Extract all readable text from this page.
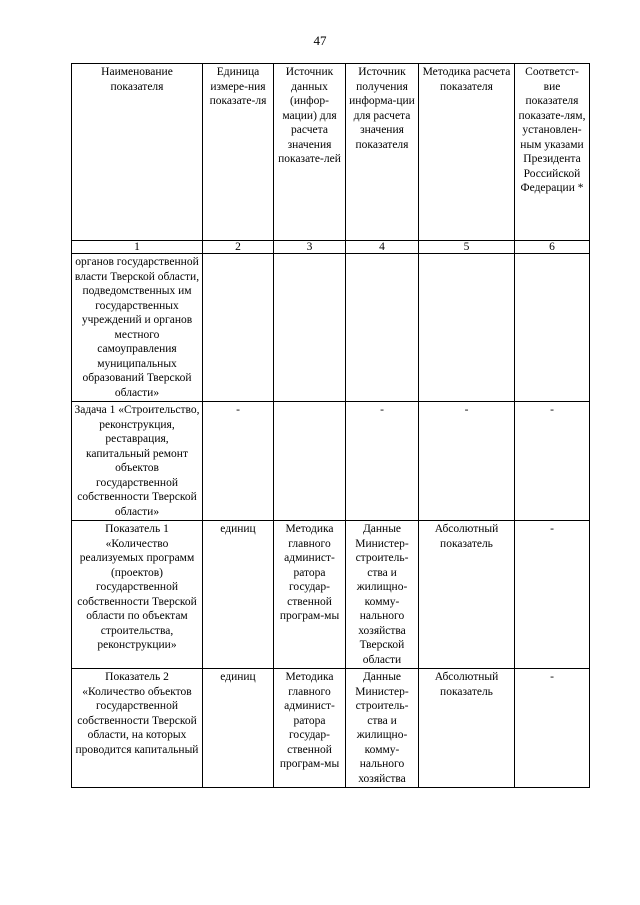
47
Наименование показателя	Единица измере-ния показате-ля	Источник данных (инфор-мации) для расчета значения показате-лей	Источник получения информа-ции для расчета значения показателя	Методика расчета показателя	Соответст-вие показателя показате-лям, установлен-ным указами Президента Российской Федерации *
1	2	3	4	5	6
органов государственной власти Тверской области, подведомственных им государственных учреждений и органов местного самоуправления муниципальных образований Тверской области»					
Задача 1 «Строительство, реконструкция, реставрация, капитальный ремонт объектов государственной собственности Тверской области»	-		-	-	-
Показатель 1 «Количество реализуемых программ (проектов) государственной собственности Тверской области по объектам строительства, реконструкции»	единиц	Методика главного админист-ратора государ-ственной програм-мы	Данные Министер-строитель-ства и жилищно-комму-нального хозяйства Тверской области	Абсолютный показатель	-
Показатель 2 «Количество объектов государственной собственности Тверской области, на которых проводится капитальный	единиц	Методика главного админист-ратора государ-ственной програм-мы	Данные Министер-строитель-ства и жилищно-комму-нального хозяйства	Абсолютный показатель	-
